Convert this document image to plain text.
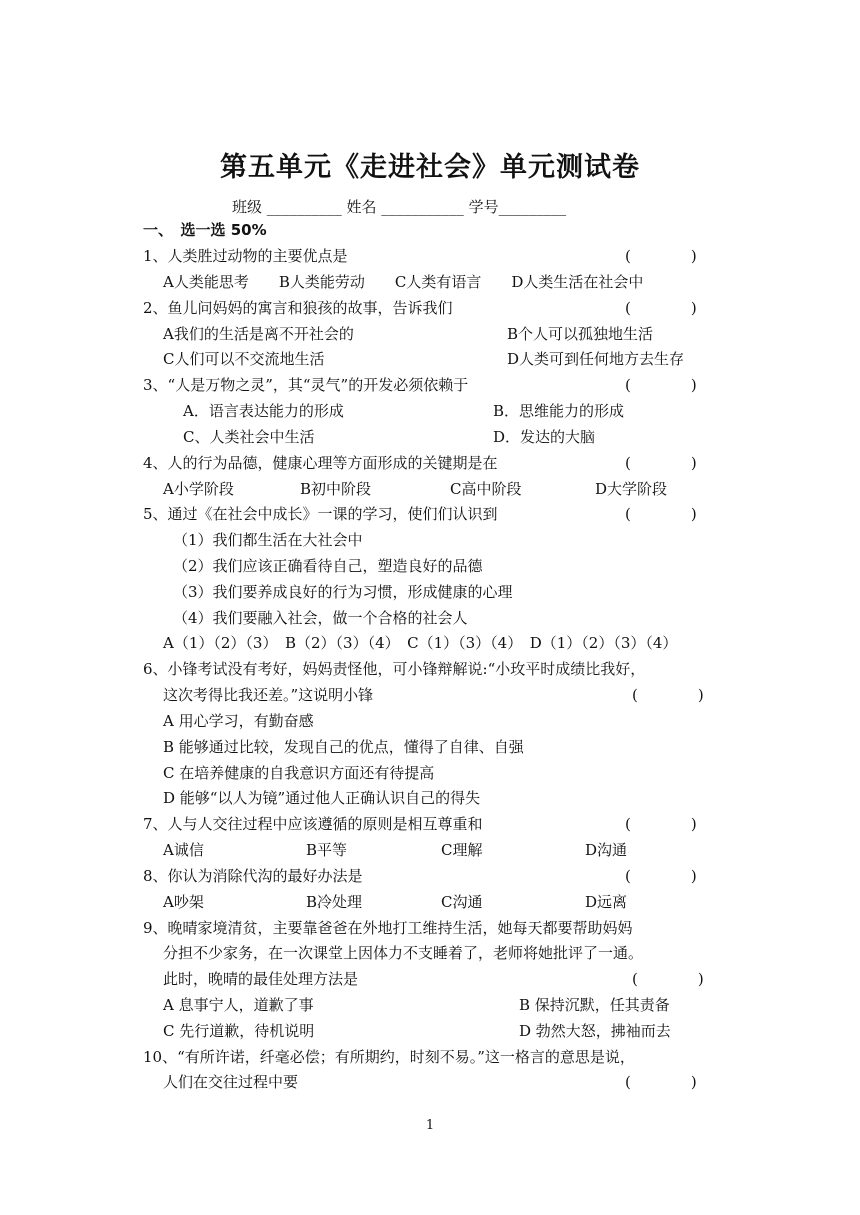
第五单元《走进社会》单元测试卷
班级 __________ 姓名 ___________ 学号_________
一、　选一选 50%
1、人类胜过动物的主要优点是	(　　　　)
A人类能思考　　B人类能劳动　　C人类有语言　　D人类生活在社会中
2、鱼儿问妈妈的寓言和狼孩的故事，告诉我们	(　　　　)
A我们的生活是离不开社会的	B个人可以孤独地生活
C人们可以不交流地生活	D人类可到任何地方去生存
3、“人是万物之灵”，其“灵气”的开发必须依赖于	(　　　　)
A．语言表达能力的形成	B．思维能力的形成
C、人类社会中生活	D．发达的大脑
4、人的行为品德，健康心理等方面形成的关键期是在	(　　　　)
A小学阶段	B初中阶段	C高中阶段	D大学阶段
5、通过《在社会中成长》一课的学习，使们们认识到	(　　　　)
（1）我们都生活在大社会中
（2）我们应该正确看待自己，塑造良好的品德
（3）我们要养成良好的行为习惯，形成健康的心理
（4）我们要融入社会，做一个合格的社会人
A（1）（2）（3）　B（2）（3）（4）　C（1）（3）（4）　D（1）（2）（3）（4）
6、小锋考试没有考好，妈妈责怪他，可小锋辩解说:“小玫平时成绩比我好，
这次考得比我还差。”这说明小锋	(　　　　)
A 用心学习，有勤奋感
B 能够通过比较，发现自己的优点，懂得了自律、自强
C 在培养健康的自我意识方面还有待提高
D 能够“以人为镜”通过他人正确认识自己的得失
7、人与人交往过程中应该遵循的原则是相互尊重和	(　　　　)
A诚信	B平等	C理解	D沟通
8、你认为消除代沟的最好办法是	(　　　　)
A吵架	B冷处理	C沟通	D远离
9、晚晴家境清贫，主要靠爸爸在外地打工维持生活，她每天都要帮助妈妈
分担不少家务，在一次课堂上因体力不支睡着了，老师将她批评了一通。
此时，晚晴的最佳处理方法是	(　　　　)
A 息事宁人，道歉了事	B 保持沉默，任其责备
C 先行道歉，待机说明	D 勃然大怒，拂袖而去
10、“有所许诺，纤毫必偿；有所期约，时刻不易。”这一格言的意思是说，
人们在交往过程中要	(　　　　)
1
